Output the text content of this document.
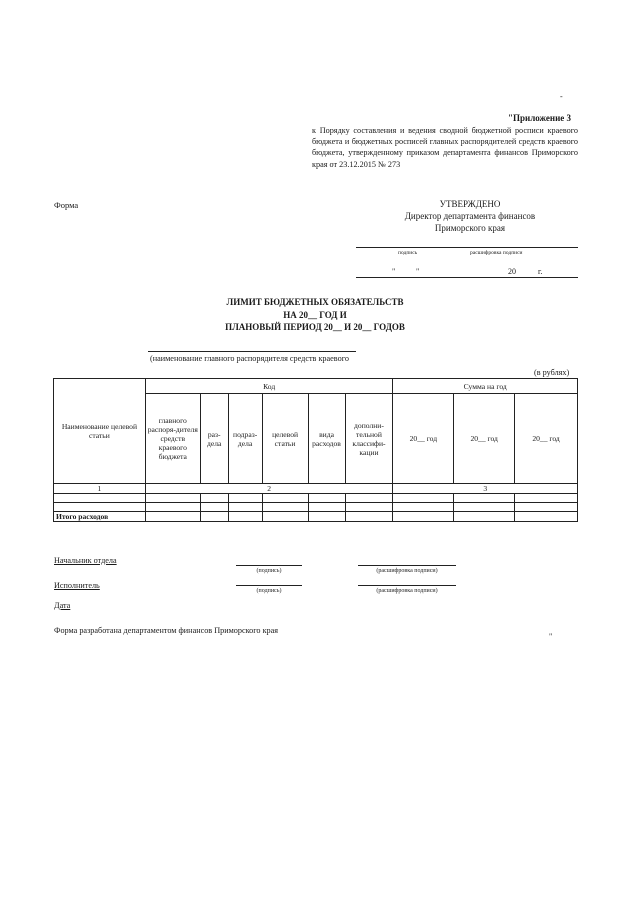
"Приложение 3
к Порядку составления и ведения сводной бюджетной росписи краевого бюджета и бюджетных росписей главных распорядителей средств краевого бюджета, утвержденному приказом департамента финансов Приморского края от 23.12.2015 № 273
-
Форма	УТВЕРЖДЕНО
Директор департамента финансов
Приморского края
подпись	расшифровка подписи
"	"	20	г.
ЛИМИТ БЮДЖЕТНЫХ ОБЯЗАТЕЛЬСТВ
НА 20__ ГОД И
ПЛАНОВЫЙ ПЕРИОД 20__ И 20__ ГОДОВ
(наименование главного распорядителя средств краевого
(в рублях)
Наименование целевой статьи	Код						Сумма на год		
	главного распоря-дителя средств краевого бюджета	раз-дела	подраз-дела	целевой статьи	вида расходов	дополни-тельной классифи-кации	20__ год	20__ год	20__ год
1	2						3		

Итого расходов									
Начальник отдела
(подпись)	(расшифровка подписи)
Исполнитель
(подпись)	(расшифровка подписи)
Дата
Форма разработана департаментом финансов Приморского края
"
